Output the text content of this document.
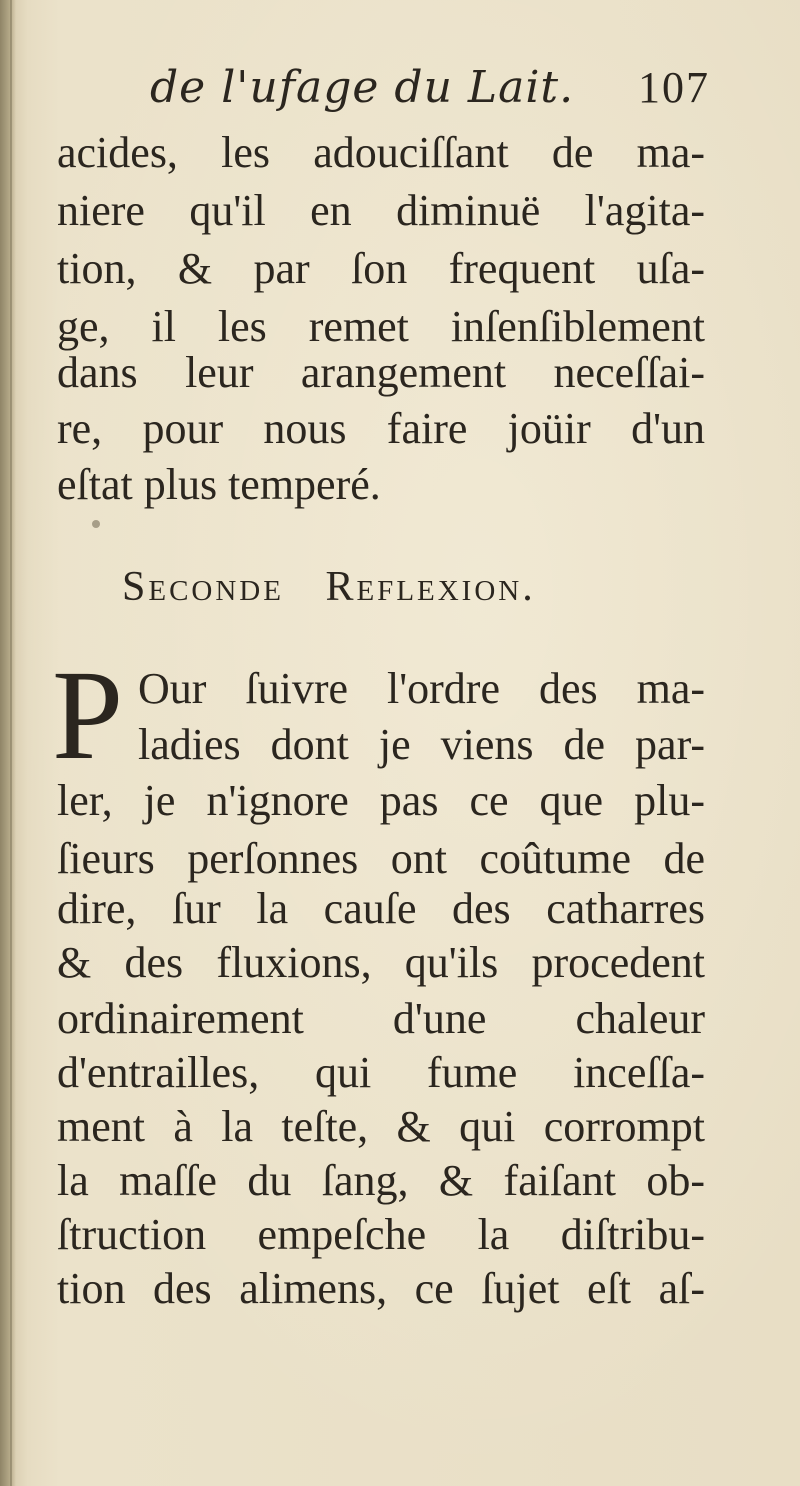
de l'ufage du Lait. 107
acides, les adouciſſant de ma-
niere qu'il en diminuë l'agita-
tion, & par ſon frequent uſa-
ge, il les remet inſenſiblement
dans leur arangement neceſſai-
re, pour nous faire joüir d'un
eſtat plus temperé.
Seconde Reflexion.
P Our ſuivre l'ordre des ma-
ladies dont je viens de par-
ler, je n'ignore pas ce que plu-
ſieurs perſonnes ont coûtume de
dire, ſur la cauſe des catharres
& des fluxions, qu'ils procedent
ordinairement d'une chaleur
d'entrailles, qui fume inceſſa-
ment à la teſte, & qui corrompt
la maſſe du ſang, & faiſant ob-
ſtruction empeſche la diſtribu-
tion des alimens, ce ſujet eſt aſ-
